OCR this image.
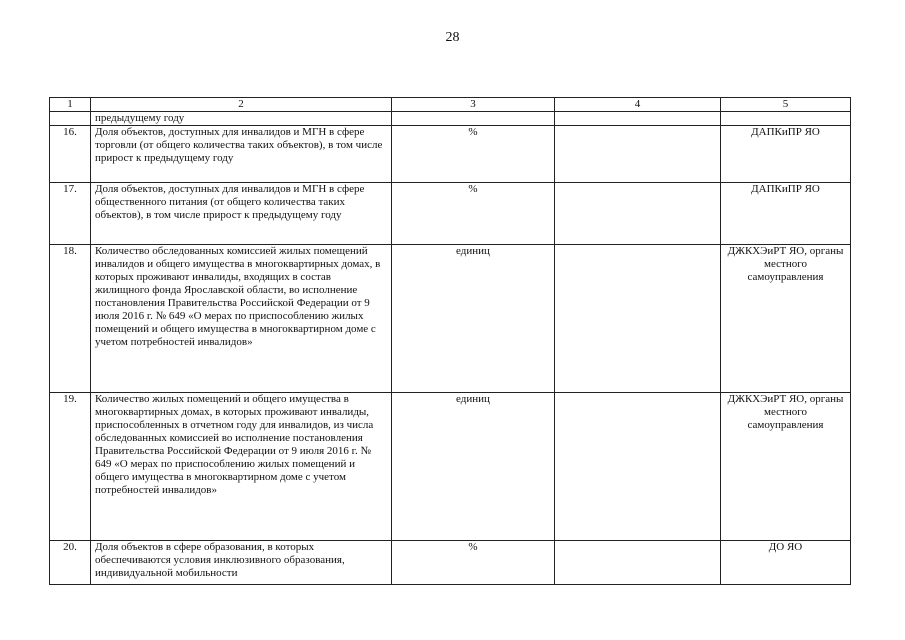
28
1	2	3	4	5
	предыдущему году			
16.	Доля объектов, доступных для инвалидов и МГН в сфере торговли (от общего количества таких объектов), в том числе прирост к предыдущему году	%		ДАПКиПР ЯО
17.	Доля объектов, доступных для инвалидов и МГН в сфере общественного питания (от общего количества таких объектов), в том числе прирост к предыдущему году	%		ДАПКиПР ЯО
18.	Количество обследованных комиссией жилых помещений инвалидов и общего имущества в многоквартирных домах, в которых проживают инвалиды, входящих в состав жилищного фонда Ярославской области, во исполнение постановления Правительства Российской Федерации от 9 июля 2016 г. № 649 «О мерах по приспособлению жилых помещений и общего имущества в многоквартирном доме с учетом потребностей инвалидов»	единиц		ДЖКХЭиРТ ЯО, органы местного самоуправления
19.	Количество жилых помещений и общего имущества в многоквартирных домах, в которых проживают инвалиды, приспособленных в отчетном году для инвалидов, из числа обследованных комиссией во исполнение постановления Правительства Российской Федерации от 9 июля 2016 г. № 649 «О мерах по приспособлению жилых помещений и общего имущества в многоквартирном доме с учетом потребностей инвалидов»	единиц		ДЖКХЭиРТ ЯО, органы местного самоуправления
20.	Доля объектов в сфере образования, в которых обеспечиваются условия инклюзивного образования, индивидуальной мобильности	%		ДО ЯО
